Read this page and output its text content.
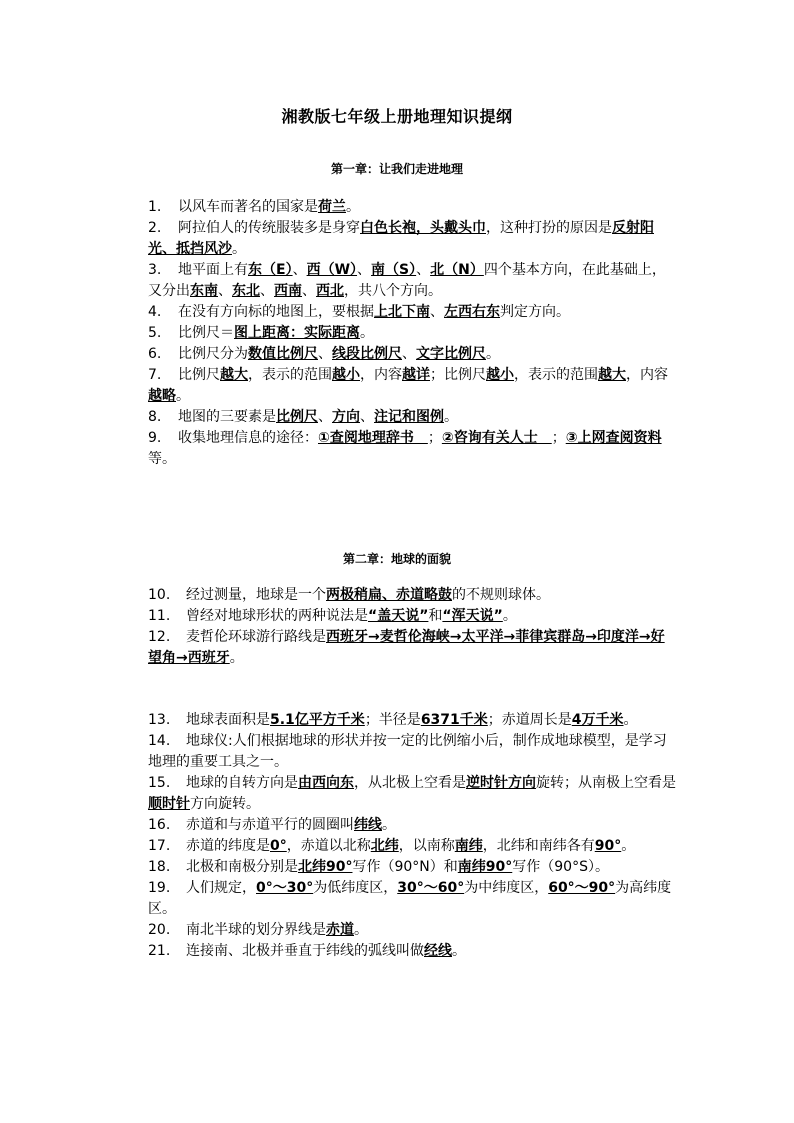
湘教版七年级上册地理知识提纲
第一章：让我们走进地理

1. 以风车而著名的国家是荷兰。

2. 阿拉伯人的传统服装多是身穿白色长袍，头戴头巾，这种打扮的原因是反射阳光、抵挡风沙。

3. 地平面上有东（E）、西（W）、南（S）、北（N）四个基本方向，在此基础上，又分出东南、东北、西南、西北，共八个方向。

4. 在没有方向标的地图上，要根据上北下南、左西右东判定方向。

5. 比例尺＝图上距离：实际距离。

6. 比例尺分为数值比例尺、线段比例尺、文字比例尺。

7. 比例尺越大，表示的范围越小，内容越详；比例尺越小，表示的范围越大，内容越略。

8. 地图的三要素是比例尺、方向、注记和图例。

9. 收集地理信息的途径：①查阅地理辞书　；②咨询有关人士　；③上网查阅资料等。

第二章：地球的面貌

10. 经过测量，地球是一个两极稍扁、赤道略鼓的不规则球体。

11. 曾经对地球形状的两种说法是“盖天说”和“浑天说”。

12. 麦哲伦环球游行路线是西班牙→麦哲伦海峡→太平洋→菲律宾群岛→印度洋→好望角→西班牙。

13. 地球表面积是5.1亿平方千米；半径是6371千米；赤道周长是4万千米。

14. 地球仪:人们根据地球的形状并按一定的比例缩小后，制作成地球模型，是学习地理的重要工具之一。

15. 地球的自转方向是由西向东，从北极上空看是逆时针方向旋转；从南极上空看是顺时针方向旋转。

16. 赤道和与赤道平行的圆圈叫纬线。

17. 赤道的纬度是0°，赤道以北称北纬，以南称南纬，北纬和南纬各有90°。

18. 北极和南极分别是北纬90°写作（90°N）和南纬90°写作（90°S）。

19. 人们规定，0°～30°为低纬度区，30°～60°为中纬度区，60°～90°为高纬度区。

20. 南北半球的划分界线是赤道。

21. 连接南、北极并垂直于纬线的弧线叫做经线。
